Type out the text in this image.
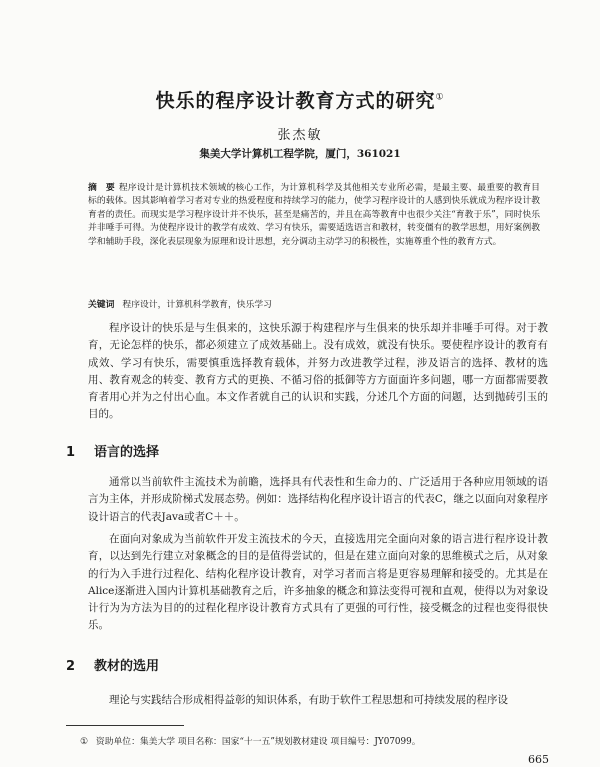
快乐的程序设计教育方式的研究①
张杰敏
集美大学计算机工程学院，厦门，361021
摘　要 程序设计是计算机技术领域的核心工作，为计算机科学及其他相关专业所必需，是最主要、最重要的教育目标的载体。因其影响着学习者对专业的热爱程度和持续学习的能力，使学习程序设计的人感到快乐就成为程序设计教育者的责任。而现实是学习程序设计并不快乐，甚至是痛苦的，并且在高等教育中也很少关注“育教于乐”，同时快乐并非唾手可得。为使程序设计的教学有成效、学习有快乐，需要适选语言和教材，转变僵有的教学思想，用好案例教学和辅助手段，深化表层现象为原理和设计思想，充分调动主动学习的积极性，实施尊重个性的教育方式。
关键词 程序设计，计算机科学教育，快乐学习
程序设计的快乐是与生俱来的，这快乐源于构建程序与生俱来的快乐却并非唾手可得。对于教育，无论怎样的快乐，都必须建立了成效基础上。没有成效，就没有快乐。要使程序设计的教育有成效、学习有快乐，需要慎重选择教育载体，并努力改进教学过程，涉及语言的选择、教材的选用、教育观念的转变、教育方式的更换、不循习俗的抵御等方方面面许多问题，哪一方面都需要教育者用心并为之付出心血。本文作者就自己的认识和实践，分述几个方面的问题，达到抛砖引玉的目的。
1 语言的选择
通常以当前软件主流技术为前瞻，选择具有代表性和生命力的、广泛适用于各种应用领域的语言为主体，并形成阶梯式发展态势。例如：选择结构化程序设计语言的代表C，继之以面向对象程序设计语言的代表Java或者C＋＋。
在面向对象成为当前软件开发主流技术的今天，直接选用完全面向对象的语言进行程序设计教育，以达到先行建立对象概念的目的是值得尝试的，但是在建立面向对象的思维模式之后，从对象的行为入手进行过程化、结构化程序设计教育，对学习者而言将是更容易理解和接受的。尤其是在Alice逐渐进入国内计算机基础教育之后，许多抽象的概念和算法变得可视和直观，使得以为对象设计行为为方法为目的的过程化程序设计教育方式具有了更强的可行性，接受概念的过程也变得很快乐。
2 教材的选用
理论与实践结合形成相得益彰的知识体系，有助于软件工程思想和可持续发展的程序设
① 资助单位：集美大学 项目名称：国家“十一五”规划教材建设 项目编号：JY07099。
665
